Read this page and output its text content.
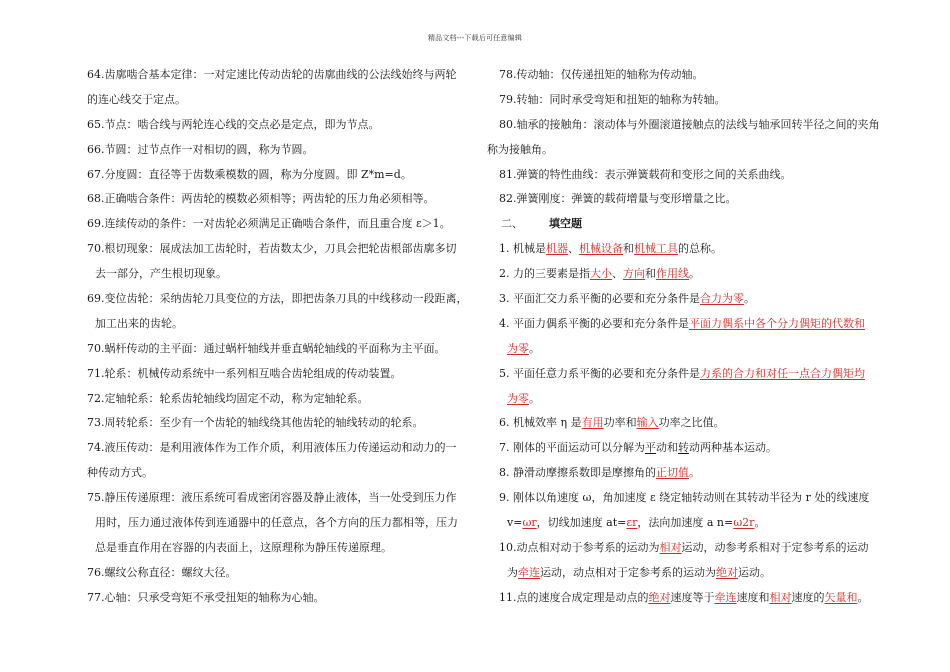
精品文档---下载后可任意编辑
64.齿廓啮合基本定律：一对定速比传动齿轮的齿廓曲线的公法线始终与两轮
的连心线交于定点。
65.节点：啮合线与两轮连心线的交点必是定点，即为节点。
66.节圆：过节点作一对相切的圆，称为节圆。
67.分度圆：直径等于齿数乘模数的圆，称为分度圆。即 Z*m=d。
68.正确啮合条件：两齿轮的模数必须相等；两齿轮的压力角必须相等。
69.连续传动的条件：一对齿轮必须满足正确啮合条件，而且重合度 ε＞1。
70.根切现象：展成法加工齿轮时，若齿数太少，刀具会把轮齿根部齿廓多切
去一部分，产生根切现象。
69.变位齿轮：采纳齿轮刀具变位的方法，即把齿条刀具的中线移动一段距离，
加工出来的齿轮。
70.蜗杆传动的主平面：通过蜗杆轴线并垂直蜗轮轴线的平面称为主平面。
71.轮系：机械传动系统中一系列相互啮合齿轮组成的传动装置。
72.定轴轮系：轮系齿轮轴线均固定不动，称为定轴轮系。
73.周转轮系：至少有一个齿轮的轴线绕其他齿轮的轴线转动的轮系。
74.液压传动：是利用液体作为工作介质，利用液体压力传递运动和动力的一
种传动方式。
75.静压传递原理：液压系统可看成密闭容器及静止液体，当一处受到压力作
用时，压力通过液体传到连通器中的任意点，各个方向的压力都相等，压力
总是垂直作用在容器的内表面上，这原理称为静压传递原理。
76.螺纹公称直径：螺纹大径。
77.心轴：只承受弯矩不承受扭矩的轴称为心轴。
78.传动轴：仅传递扭矩的轴称为传动轴。
79.转轴：同时承受弯矩和扭矩的轴称为转轴。
80.轴承的接触角：滚动体与外圈滚道接触点的法线与轴承回转半径之间的夹角
称为接触角。
81.弹簧的特性曲线：表示弹簧载荷和变形之间的关系曲线。
82.弹簧刚度：弹簧的载荷增量与变形增量之比。
二、 填空题
1. 机械是机器、机械设备和机械工具的总称。
2. 力的三要素是指大小、方向和作用线。
3. 平面汇交力系平衡的必要和充分条件是合力为零。
4. 平面力偶系平衡的必要和充分条件是平面力偶系中各个分力偶矩的代数和
为零。
5. 平面任意力系平衡的必要和充分条件是力系的合力和对任一点合力偶矩均
为零。
6. 机械效率 η 是有用功率和输入功率之比值。
7. 刚体的平面运动可以分解为平动和转动两种基本运动。
8. 静滑动摩擦系数即是摩擦角的正切值。
9. 刚体以角速度 ω，角加速度 ε 绕定轴转动则在其转动半径为 r 处的线速度
v=ωr，切线加速度 at=εr，法向加速度 a n=ω2r。
10.动点相对动于参考系的运动为相对运动，动参考系相对于定参考系的运动
为牵连运动，动点相对于定参考系的运动为绝对运动。
11.点的速度合成定理是动点的绝对速度等于牵连速度和相对速度的矢量和。
